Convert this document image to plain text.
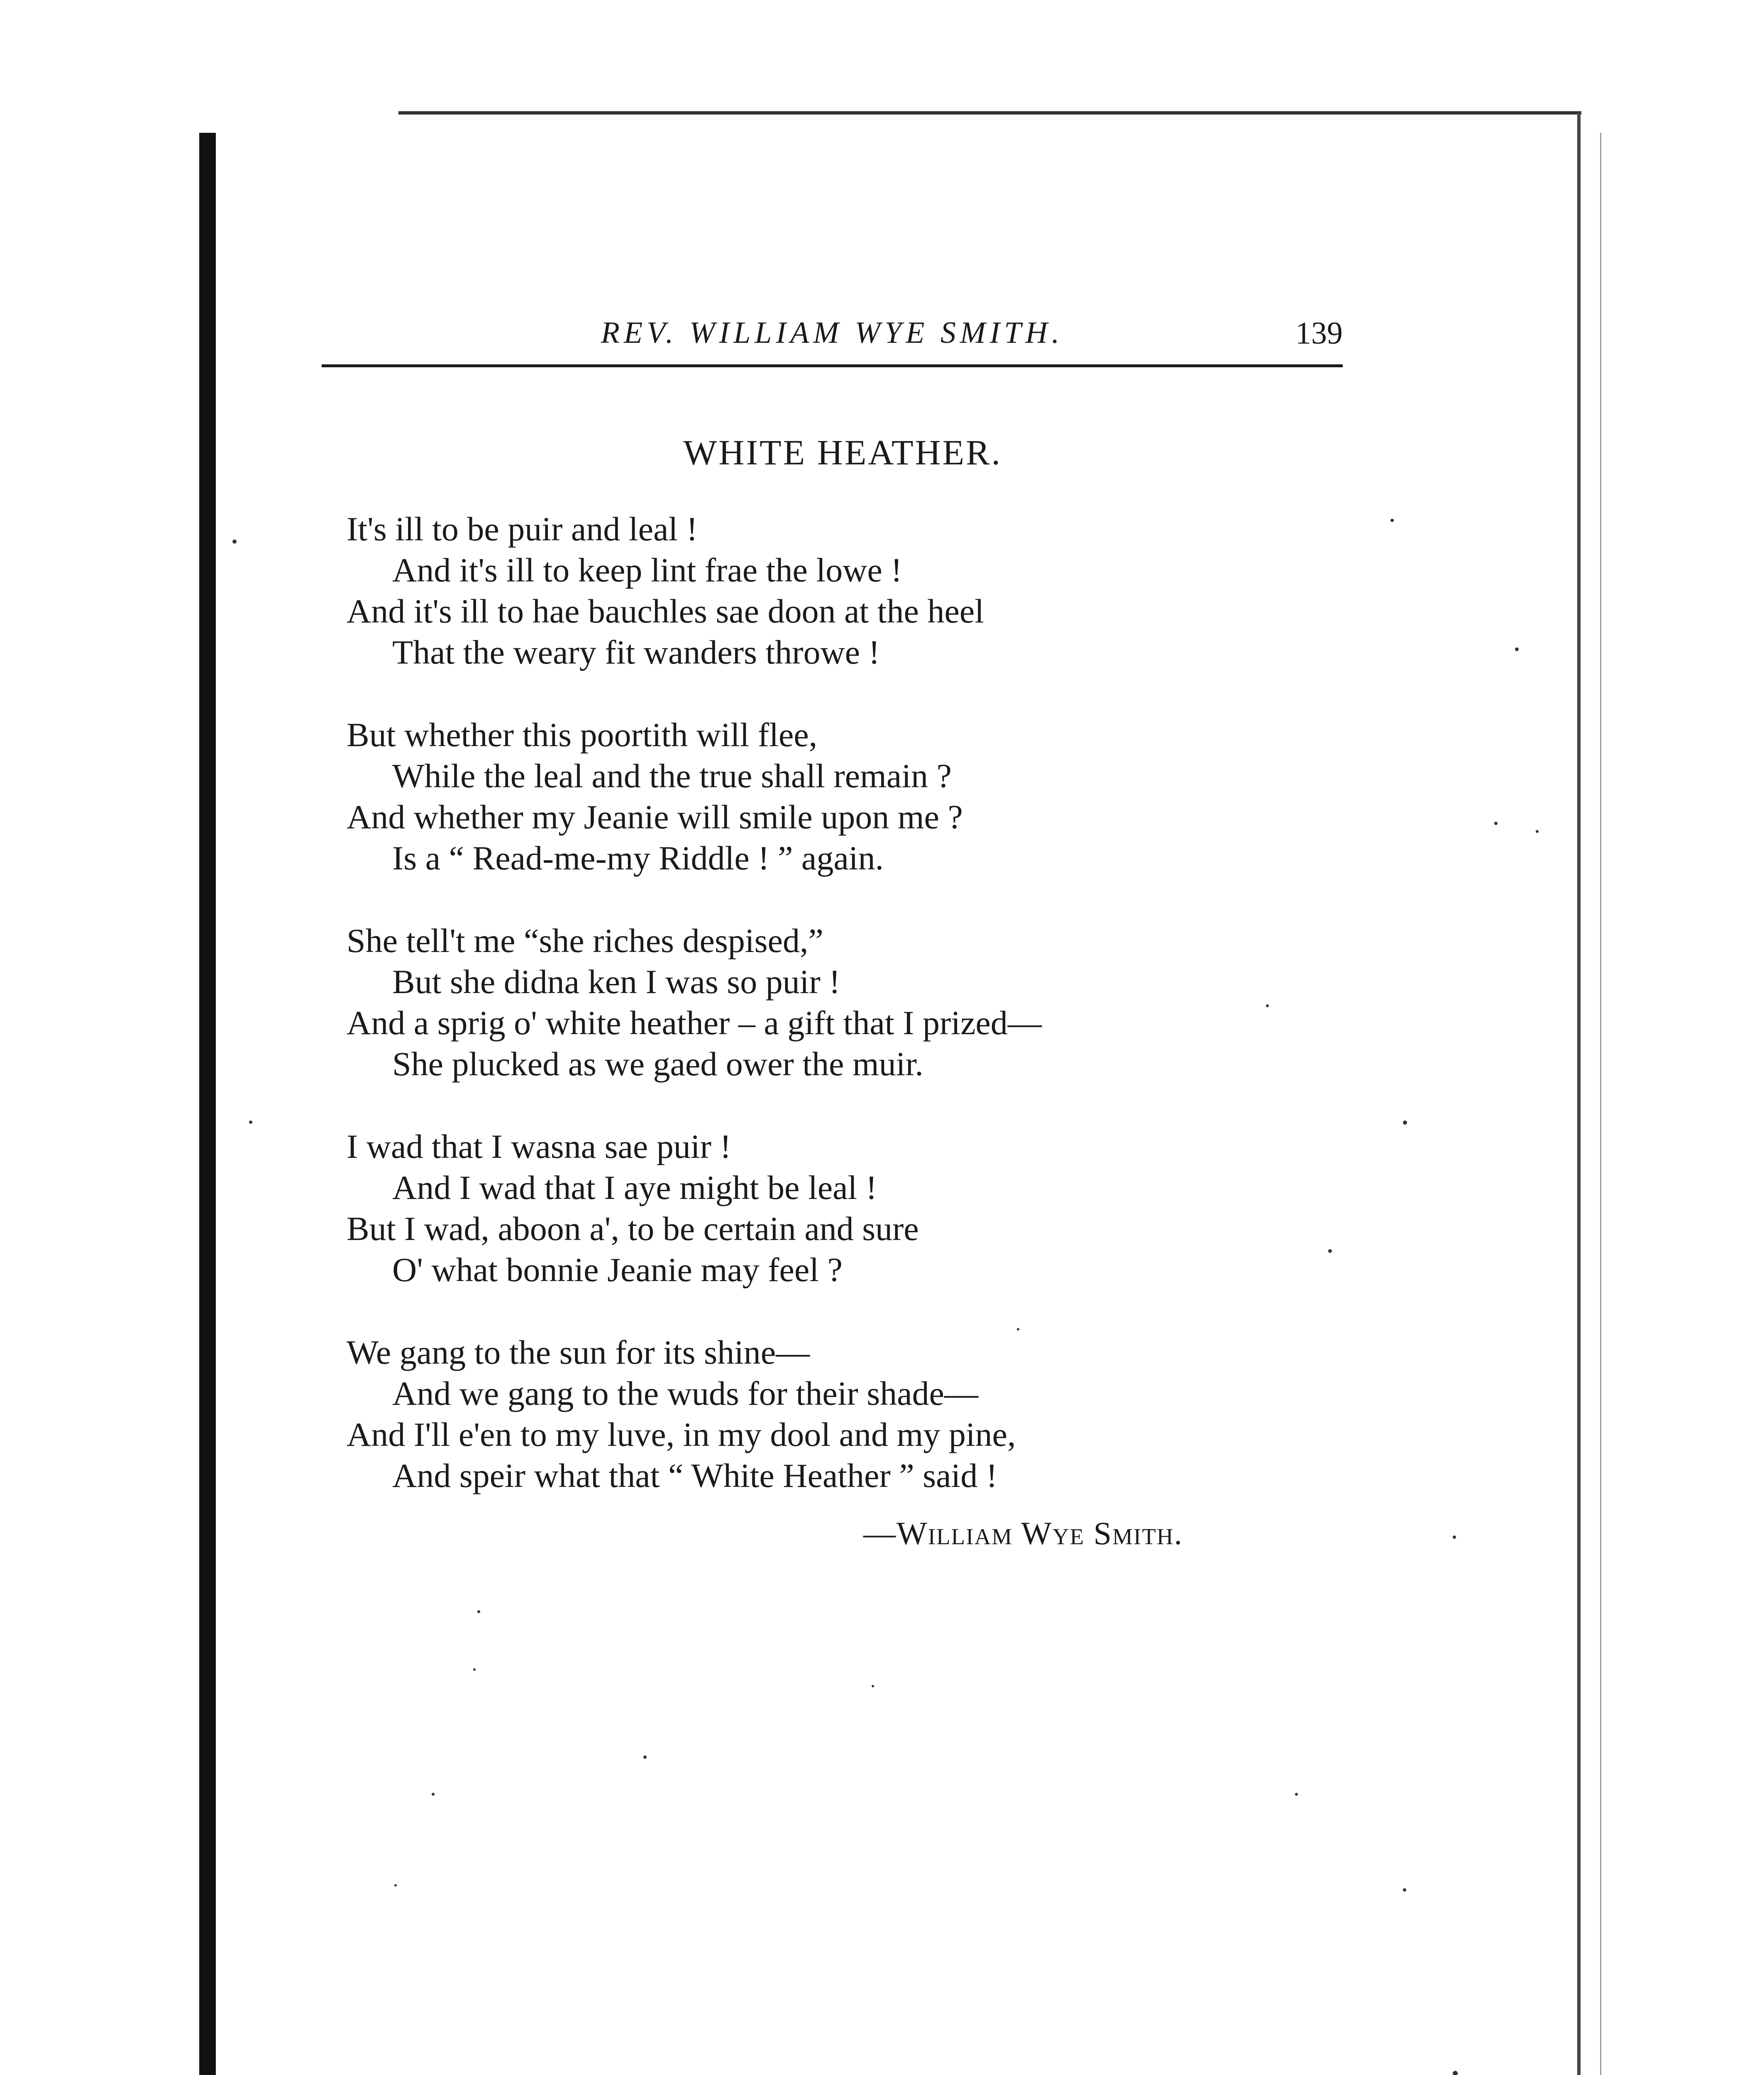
REV. WILLIAM WYE SMITH.	139
WHITE HEATHER.
It's ill to be puir and leal !
And it's ill to keep lint frae the lowe !
And it's ill to hae bauchles sae doon at the heel
That the weary fit wanders throwe !
But whether this poortith will flee,
While the leal and the true shall remain ?
And whether my Jeanie will smile upon me ?
Is a “ Read-me-my Riddle ! ” again.
She tell't me “she riches despised,”
But she didna ken I was so puir !
And a sprig o' white heather – a gift that I prized—
She plucked as we gaed ower the muir.
I wad that I wasna sae puir !
And I wad that I aye might be leal !
But I wad, aboon a', to be certain and sure
O' what bonnie Jeanie may feel ?
We gang to the sun for its shine—
And we gang to the wuds for their shade—
And I'll e'en to my luve, in my dool and my pine,
And speir what that “ White Heather ” said !
—William Wye Smith.
